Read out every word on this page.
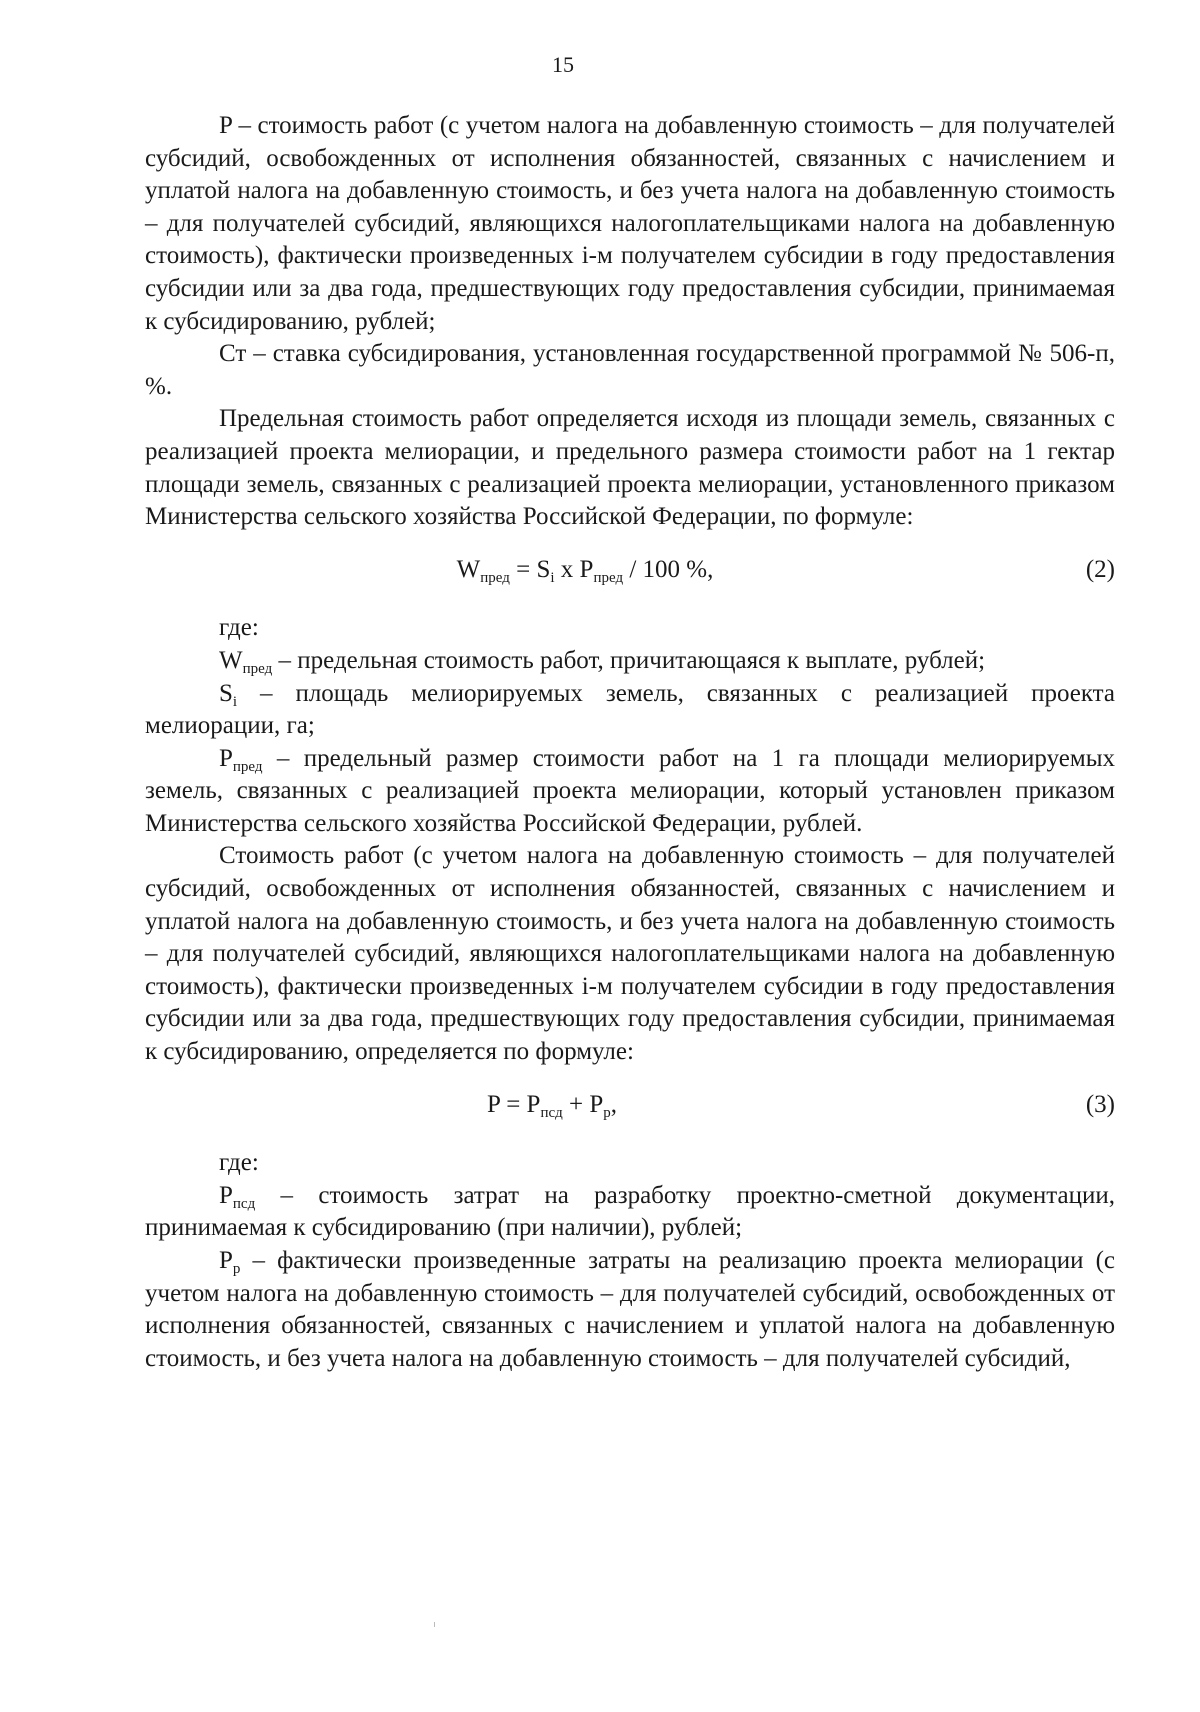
15

P – стоимость работ (с учетом налога на добавленную стоимость – для получателей субсидий, освобожденных от исполнения обязанностей, связанных с начислением и уплатой налога на добавленную стоимость, и без учета налога на добавленную стоимость – для получателей субсидий, являющихся налогоплательщиками налога на добавленную стоимость), фактически произведенных i-м получателем субсидии в году предоставления субсидии или за два года, предшествующих году предоставления субсидии, принимаемая к субсидированию, рублей;

Ст – ставка субсидирования, установленная государственной программой № 506-п, %.

Предельная стоимость работ определяется исходя из площади земель, связанных с реализацией проекта мелиорации, и предельного размера стоимости работ на 1 гектар площади земель, связанных с реализацией проекта мелиорации, установленного приказом Министерства сельского хозяйства Российской Федерации, по формуле:

$W_{пред} = S_i$ x $P_{пред} / 100$ %,	(2)

где:

$W_{пред}$ – предельная стоимость работ, причитающаяся к выплате, рублей;

$S_i$ – площадь мелиорируемых земель, связанных с реализацией проекта мелиорации, га;

$P_{пред}$ – предельный размер стоимости работ на 1 га площади мелиорируемых земель, связанных с реализацией проекта мелиорации, который установлен приказом Министерства сельского хозяйства Российской Федерации, рублей.

Стоимость работ (с учетом налога на добавленную стоимость – для получателей субсидий, освобожденных от исполнения обязанностей, связанных с начислением и уплатой налога на добавленную стоимость, и без учета налога на добавленную стоимость – для получателей субсидий, являющихся налогоплательщиками налога на добавленную стоимость), фактически произведенных i-м получателем субсидии в году предоставления субсидии или за два года, предшествующих году предоставления субсидии, принимаемая к субсидированию, определяется по формуле:

$P = P_{псд} + P_р$,	(3)

где:

$P_{псд}$ – стоимость затрат на разработку проектно-сметной документации, принимаемая к субсидированию (при наличии), рублей;

$P_р$ – фактически произведенные затраты на реализацию проекта мелиорации (с учетом налога на добавленную стоимость – для получателей субсидий, освобожденных от исполнения обязанностей, связанных с начислением и уплатой налога на добавленную стоимость, и без учета налога на добавленную стоимость – для получателей субсидий,
